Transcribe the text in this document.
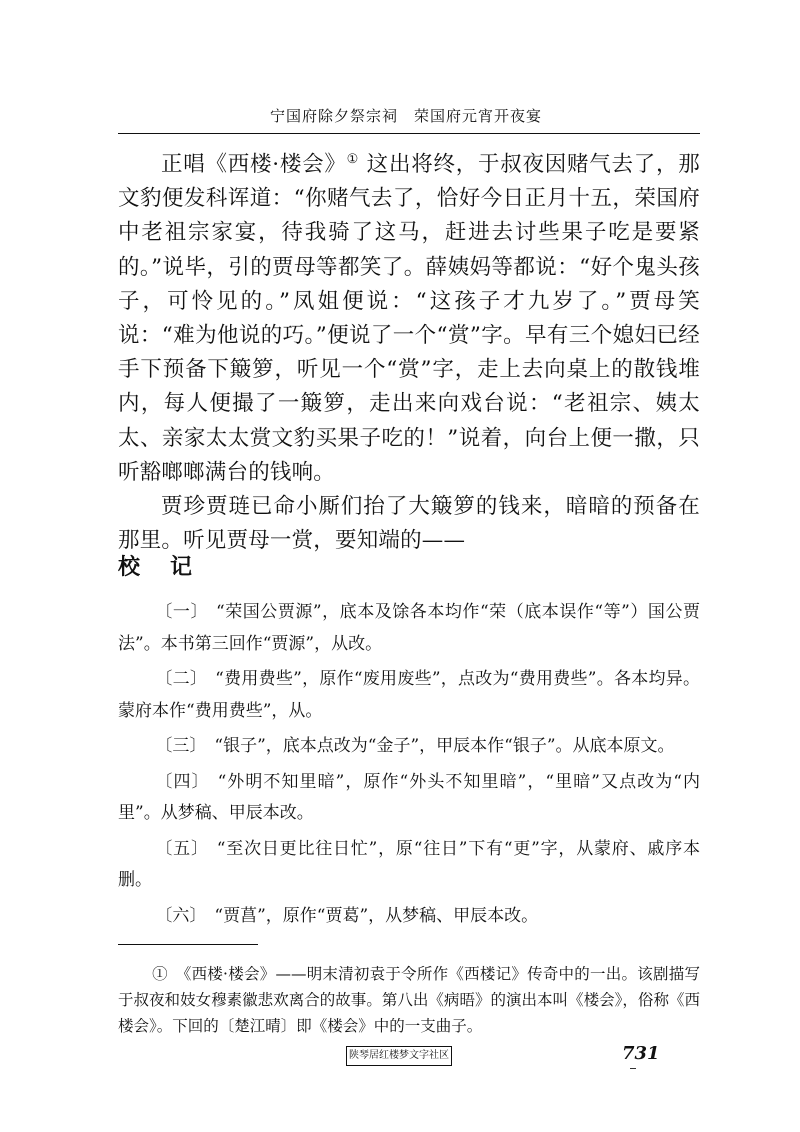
宁国府除夕祭宗祠　荣国府元宵开夜宴

正唱《西楼·楼会》① 这出将终，于叔夜因赌气去了，那文豹便发科诨道：“你赌气去了，恰好今日正月十五，荣国府中老祖宗家宴，待我骑了这马，赶进去讨些果子吃是要紧的。”说毕，引的贾母等都笑了。薛姨妈等都说：“好个鬼头孩子，可怜见的。”凤姐便说：“这孩子才九岁了。”贾母笑说：“难为他说的巧。”便说了一个“赏”字。早有三个媳妇已经手下预备下簸箩，听见一个“赏”字，走上去向桌上的散钱堆内，每人便撮了一簸箩，走出来向戏台说：“老祖宗、姨太太、亲家太太赏文豹买果子吃的！”说着，向台上便一撒，只听豁啷啷满台的钱响。

贾珍贾琏已命小厮们抬了大簸箩的钱来，暗暗的预备在那里。听见贾母一赏，要知端的——

校记

〔一〕 “荣国公贾源”，底本及馀各本均作“荣（底本误作“等”）国公贾法”。本书第三回作“贾源”，从改。

〔二〕 “费用费些”，原作“废用废些”，点改为“费用费些”。各本均异。蒙府本作“费用费些”，从。

〔三〕 “银子”，底本点改为“金子”，甲辰本作“银子”。从底本原文。

〔四〕 “外明不知里暗”，原作“外头不知里暗”，“里暗”又点改为“内里”。从梦稿、甲辰本改。

〔五〕 “至次日更比往日忙”，原“往日”下有“更”字，从蒙府、戚序本删。

〔六〕 “贾菖”，原作“贾葛”，从梦稿、甲辰本改。

①　《西楼·楼会》——明末清初袁于令所作《西楼记》传奇中的一出。该剧描写于叔夜和妓女穆素徽悲欢离合的故事。第八出《病晤》的演出本叫《楼会》，俗称《西楼会》。下回的〔楚江晴〕即《楼会》中的一支曲子。

陕琴居红楼梦文字社区	731
